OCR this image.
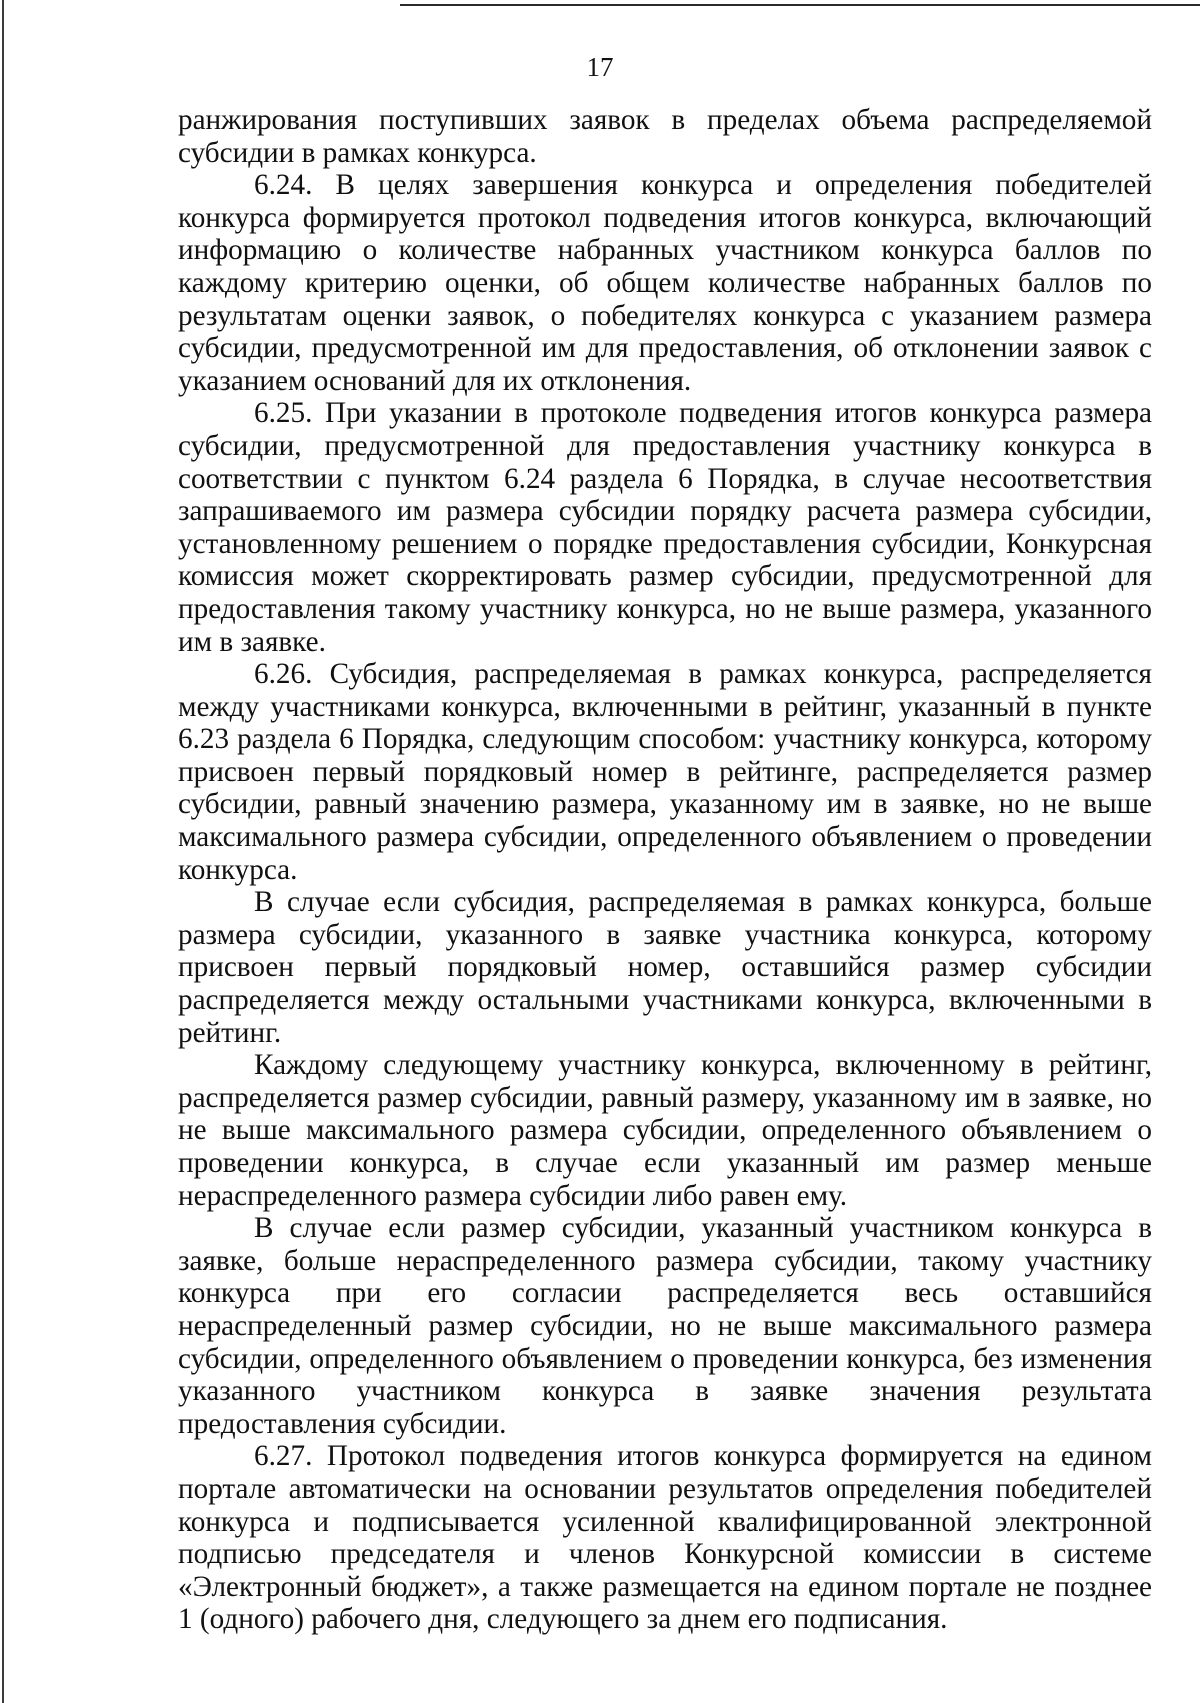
17

ранжирования поступивших заявок в пределах объема распределяемой субсидии в рамках конкурса.

6.24. В целях завершения конкурса и определения победителей конкурса формируется протокол подведения итогов конкурса, включающий информацию о количестве набранных участником конкурса баллов по каждому критерию оценки, об общем количестве набранных баллов по результатам оценки заявок, о победителях конкурса с указанием размера субсидии, предусмотренной им для предоставления, об отклонении заявок с указанием оснований для их отклонения.

6.25. При указании в протоколе подведения итогов конкурса размера субсидии, предусмотренной для предоставления участнику конкурса в соответствии с пунктом 6.24 раздела 6 Порядка, в случае несоответствия запрашиваемого им размера субсидии порядку расчета размера субсидии, установленному решением о порядке предоставления субсидии, Конкурсная комиссия может скорректировать размер субсидии, предусмотренной для предоставления такому участнику конкурса, но не выше размера, указанного им в заявке.

6.26. Субсидия, распределяемая в рамках конкурса, распределяется между участниками конкурса, включенными в рейтинг, указанный в пункте 6.23 раздела 6 Порядка, следующим способом: участнику конкурса, которому присвоен первый порядковый номер в рейтинге, распределяется размер субсидии, равный значению размера, указанному им в заявке, но не выше максимального размера субсидии, определенного объявлением о проведении конкурса.

В случае если субсидия, распределяемая в рамках конкурса, больше размера субсидии, указанного в заявке участника конкурса, которому присвоен первый порядковый номер, оставшийся размер субсидии распределяется между остальными участниками конкурса, включенными в рейтинг.

Каждому следующему участнику конкурса, включенному в рейтинг, распределяется размер субсидии, равный размеру, указанному им в заявке, но не выше максимального размера субсидии, определенного объявлением о проведении конкурса, в случае если указанный им размер меньше нераспределенного размера субсидии либо равен ему.

В случае если размер субсидии, указанный участником конкурса в заявке, больше нераспределенного размера субсидии, такому участнику конкурса при его согласии распределяется весь оставшийся нераспределенный размер субсидии, но не выше максимального размера субсидии, определенного объявлением о проведении конкурса, без изменения указанного участником конкурса в заявке значения результата предоставления субсидии.

6.27. Протокол подведения итогов конкурса формируется на едином портале автоматически на основании результатов определения победителей конкурса и подписывается усиленной квалифицированной электронной подписью председателя и членов Конкурсной комиссии в системе «Электронный бюджет», а также размещается на едином портале не позднее 1 (одного) рабочего дня, следующего за днем его подписания.
